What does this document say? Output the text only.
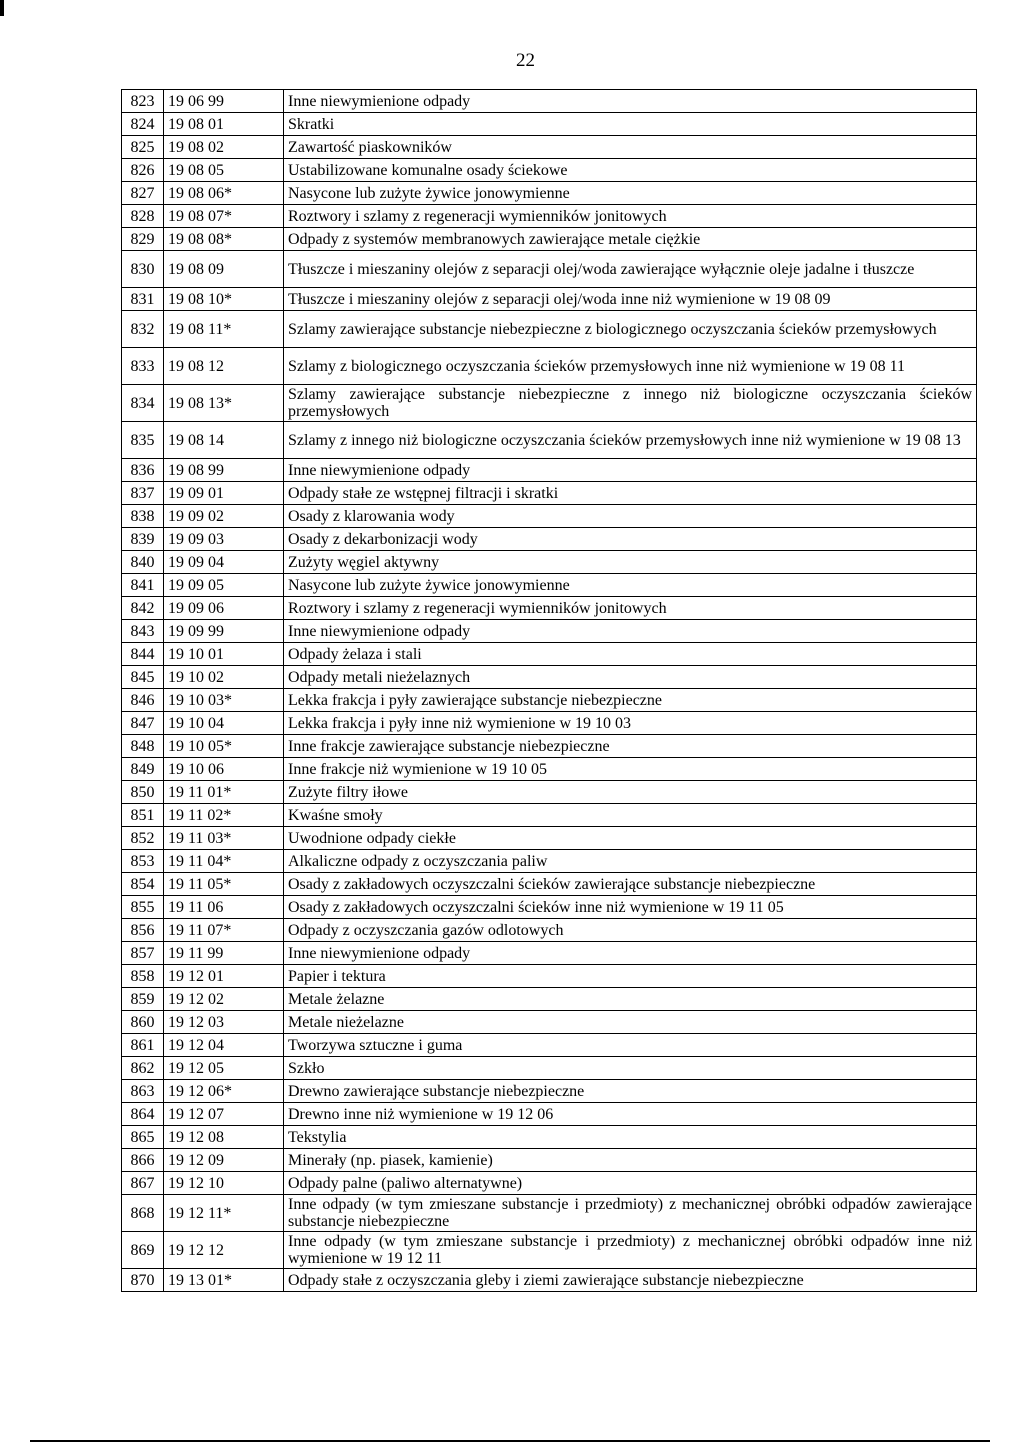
22
823	19 06 99	Inne niewymienione odpady
824	19 08 01	Skratki
825	19 08 02	Zawartość piaskowników
826	19 08 05	Ustabilizowane komunalne osady ściekowe
827	19 08 06*	Nasycone lub zużyte żywice jonowymienne
828	19 08 07*	Roztwory i szlamy z regeneracji wymienników jonitowych
829	19 08 08*	Odpady z systemów membranowych zawierające metale ciężkie
830	19 08 09	Tłuszcze i mieszaniny olejów z separacji olej/woda zawierające wyłącznie oleje jadalne i tłuszcze
831	19 08 10*	Tłuszcze i mieszaniny olejów z separacji olej/woda inne niż wymienione w 19 08 09
832	19 08 11*	Szlamy zawierające substancje niebezpieczne z biologicznego oczyszczania ścieków przemysłowych
833	19 08 12	Szlamy z biologicznego oczyszczania ścieków przemysłowych inne niż wymienione w 19 08 11
834	19 08 13*	Szlamy zawierające substancje niebezpieczne z innego niż biologiczne oczyszczania ścieków przemysłowych
835	19 08 14	Szlamy z innego niż biologiczne oczyszczania ścieków przemysłowych inne niż wymienione w 19 08 13
836	19 08 99	Inne niewymienione odpady
837	19 09 01	Odpady stałe ze wstępnej filtracji i skratki
838	19 09 02	Osady z klarowania wody
839	19 09 03	Osady z dekarbonizacji wody
840	19 09 04	Zużyty węgiel aktywny
841	19 09 05	Nasycone lub zużyte żywice jonowymienne
842	19 09 06	Roztwory i szlamy z regeneracji wymienników jonitowych
843	19 09 99	Inne niewymienione odpady
844	19 10 01	Odpady żelaza i stali
845	19 10 02	Odpady metali nieżelaznych
846	19 10 03*	Lekka frakcja i pyły zawierające substancje niebezpieczne
847	19 10 04	Lekka frakcja i pyły inne niż wymienione w 19 10 03
848	19 10 05*	Inne frakcje zawierające substancje niebezpieczne
849	19 10 06	Inne frakcje niż wymienione w 19 10 05
850	19 11 01*	Zużyte filtry iłowe
851	19 11 02*	Kwaśne smoły
852	19 11 03*	Uwodnione odpady ciekłe
853	19 11 04*	Alkaliczne odpady z oczyszczania paliw
854	19 11 05*	Osady z zakładowych oczyszczalni ścieków zawierające substancje niebezpieczne
855	19 11 06	Osady z zakładowych oczyszczalni ścieków inne niż wymienione w 19 11 05
856	19 11 07*	Odpady z oczyszczania gazów odlotowych
857	19 11 99	Inne niewymienione odpady
858	19 12 01	Papier i tektura
859	19 12 02	Metale żelazne
860	19 12 03	Metale nieżelazne
861	19 12 04	Tworzywa sztuczne i guma
862	19 12 05	Szkło
863	19 12 06*	Drewno zawierające substancje niebezpieczne
864	19 12 07	Drewno inne niż wymienione w 19 12 06
865	19 12 08	Tekstylia
866	19 12 09	Minerały (np. piasek, kamienie)
867	19 12 10	Odpady palne (paliwo alternatywne)
868	19 12 11*	Inne odpady (w tym zmieszane substancje i przedmioty) z mechanicznej obróbki odpadów zawierające substancje niebezpieczne
869	19 12 12	Inne odpady (w tym zmieszane substancje i przedmioty) z mechanicznej obróbki odpadów inne niż wymienione w 19 12 11
870	19 13 01*	Odpady stałe z oczyszczania gleby i ziemi zawierające substancje niebezpieczne
